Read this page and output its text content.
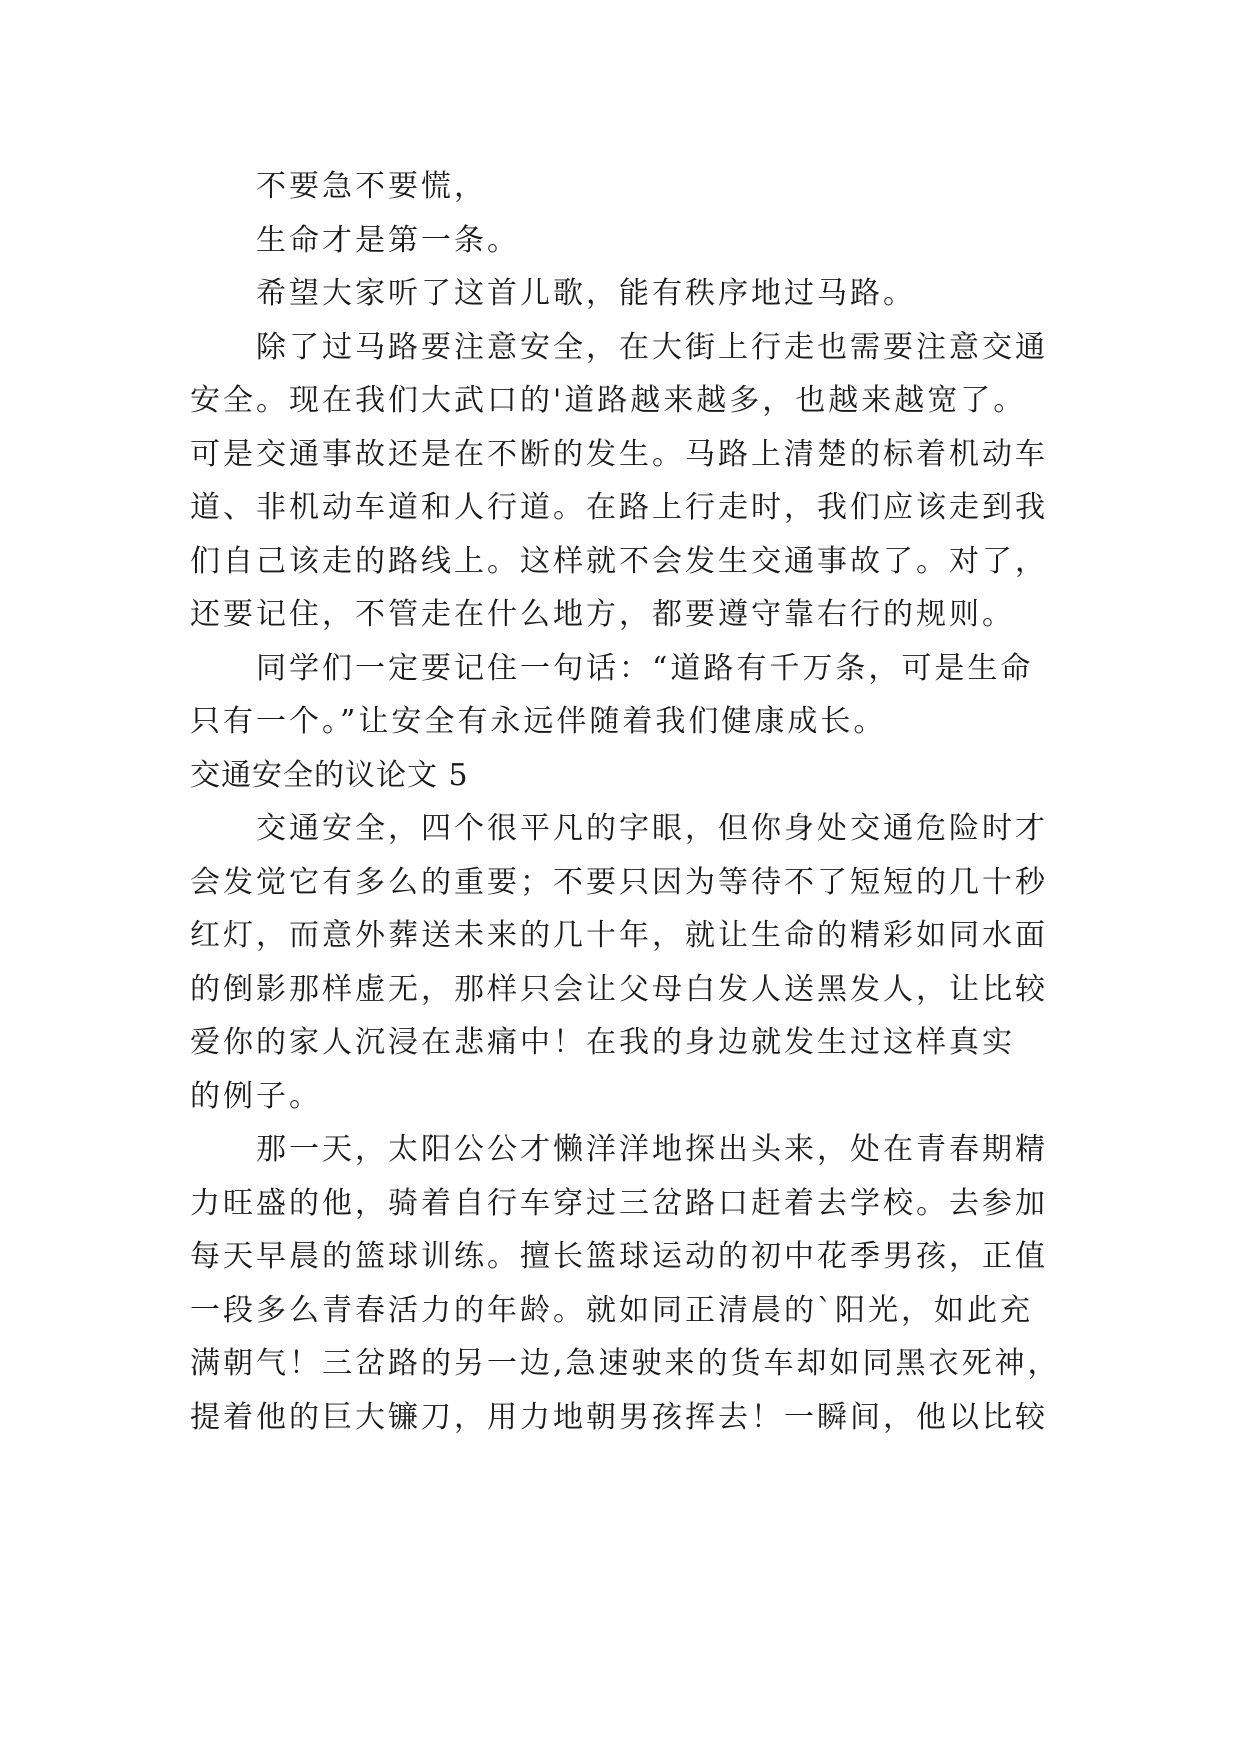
不要急不要慌，
生命才是第一条。
希望大家听了这首儿歌，能有秩序地过马路。
除了过马路要注意安全，在大街上行走也需要注意交通
安全。现在我们大武口的'道路越来越多，也越来越宽了。
可是交通事故还是在不断的发生。马路上清楚的标着机动车
道、非机动车道和人行道。在路上行走时，我们应该走到我
们自己该走的路线上。这样就不会发生交通事故了。对了，
还要记住，不管走在什么地方，都要遵守靠右行的规则。
同学们一定要记住一句话：“道路有千万条，可是生命
只有一个。”让安全有永远伴随着我们健康成长。
交通安全的议论文 5
交通安全，四个很平凡的字眼，但你身处交通危险时才
会发觉它有多么的重要；不要只因为等待不了短短的几十秒
红灯，而意外葬送未来的几十年，就让生命的精彩如同水面
的倒影那样虚无，那样只会让父母白发人送黑发人，让比较
爱你的家人沉浸在悲痛中！在我的身边就发生过这样真实
的例子。
那一天，太阳公公才懒洋洋地探出头来，处在青春期精
力旺盛的他，骑着自行车穿过三岔路口赶着去学校。去参加
每天早晨的篮球训练。擅长篮球运动的初中花季男孩，正值
一段多么青春活力的年龄。就如同正清晨的`阳光，如此充
满朝气！三岔路的另一边,急速驶来的货车却如同黑衣死神，
提着他的巨大镰刀，用力地朝男孩挥去！一瞬间，他以比较
